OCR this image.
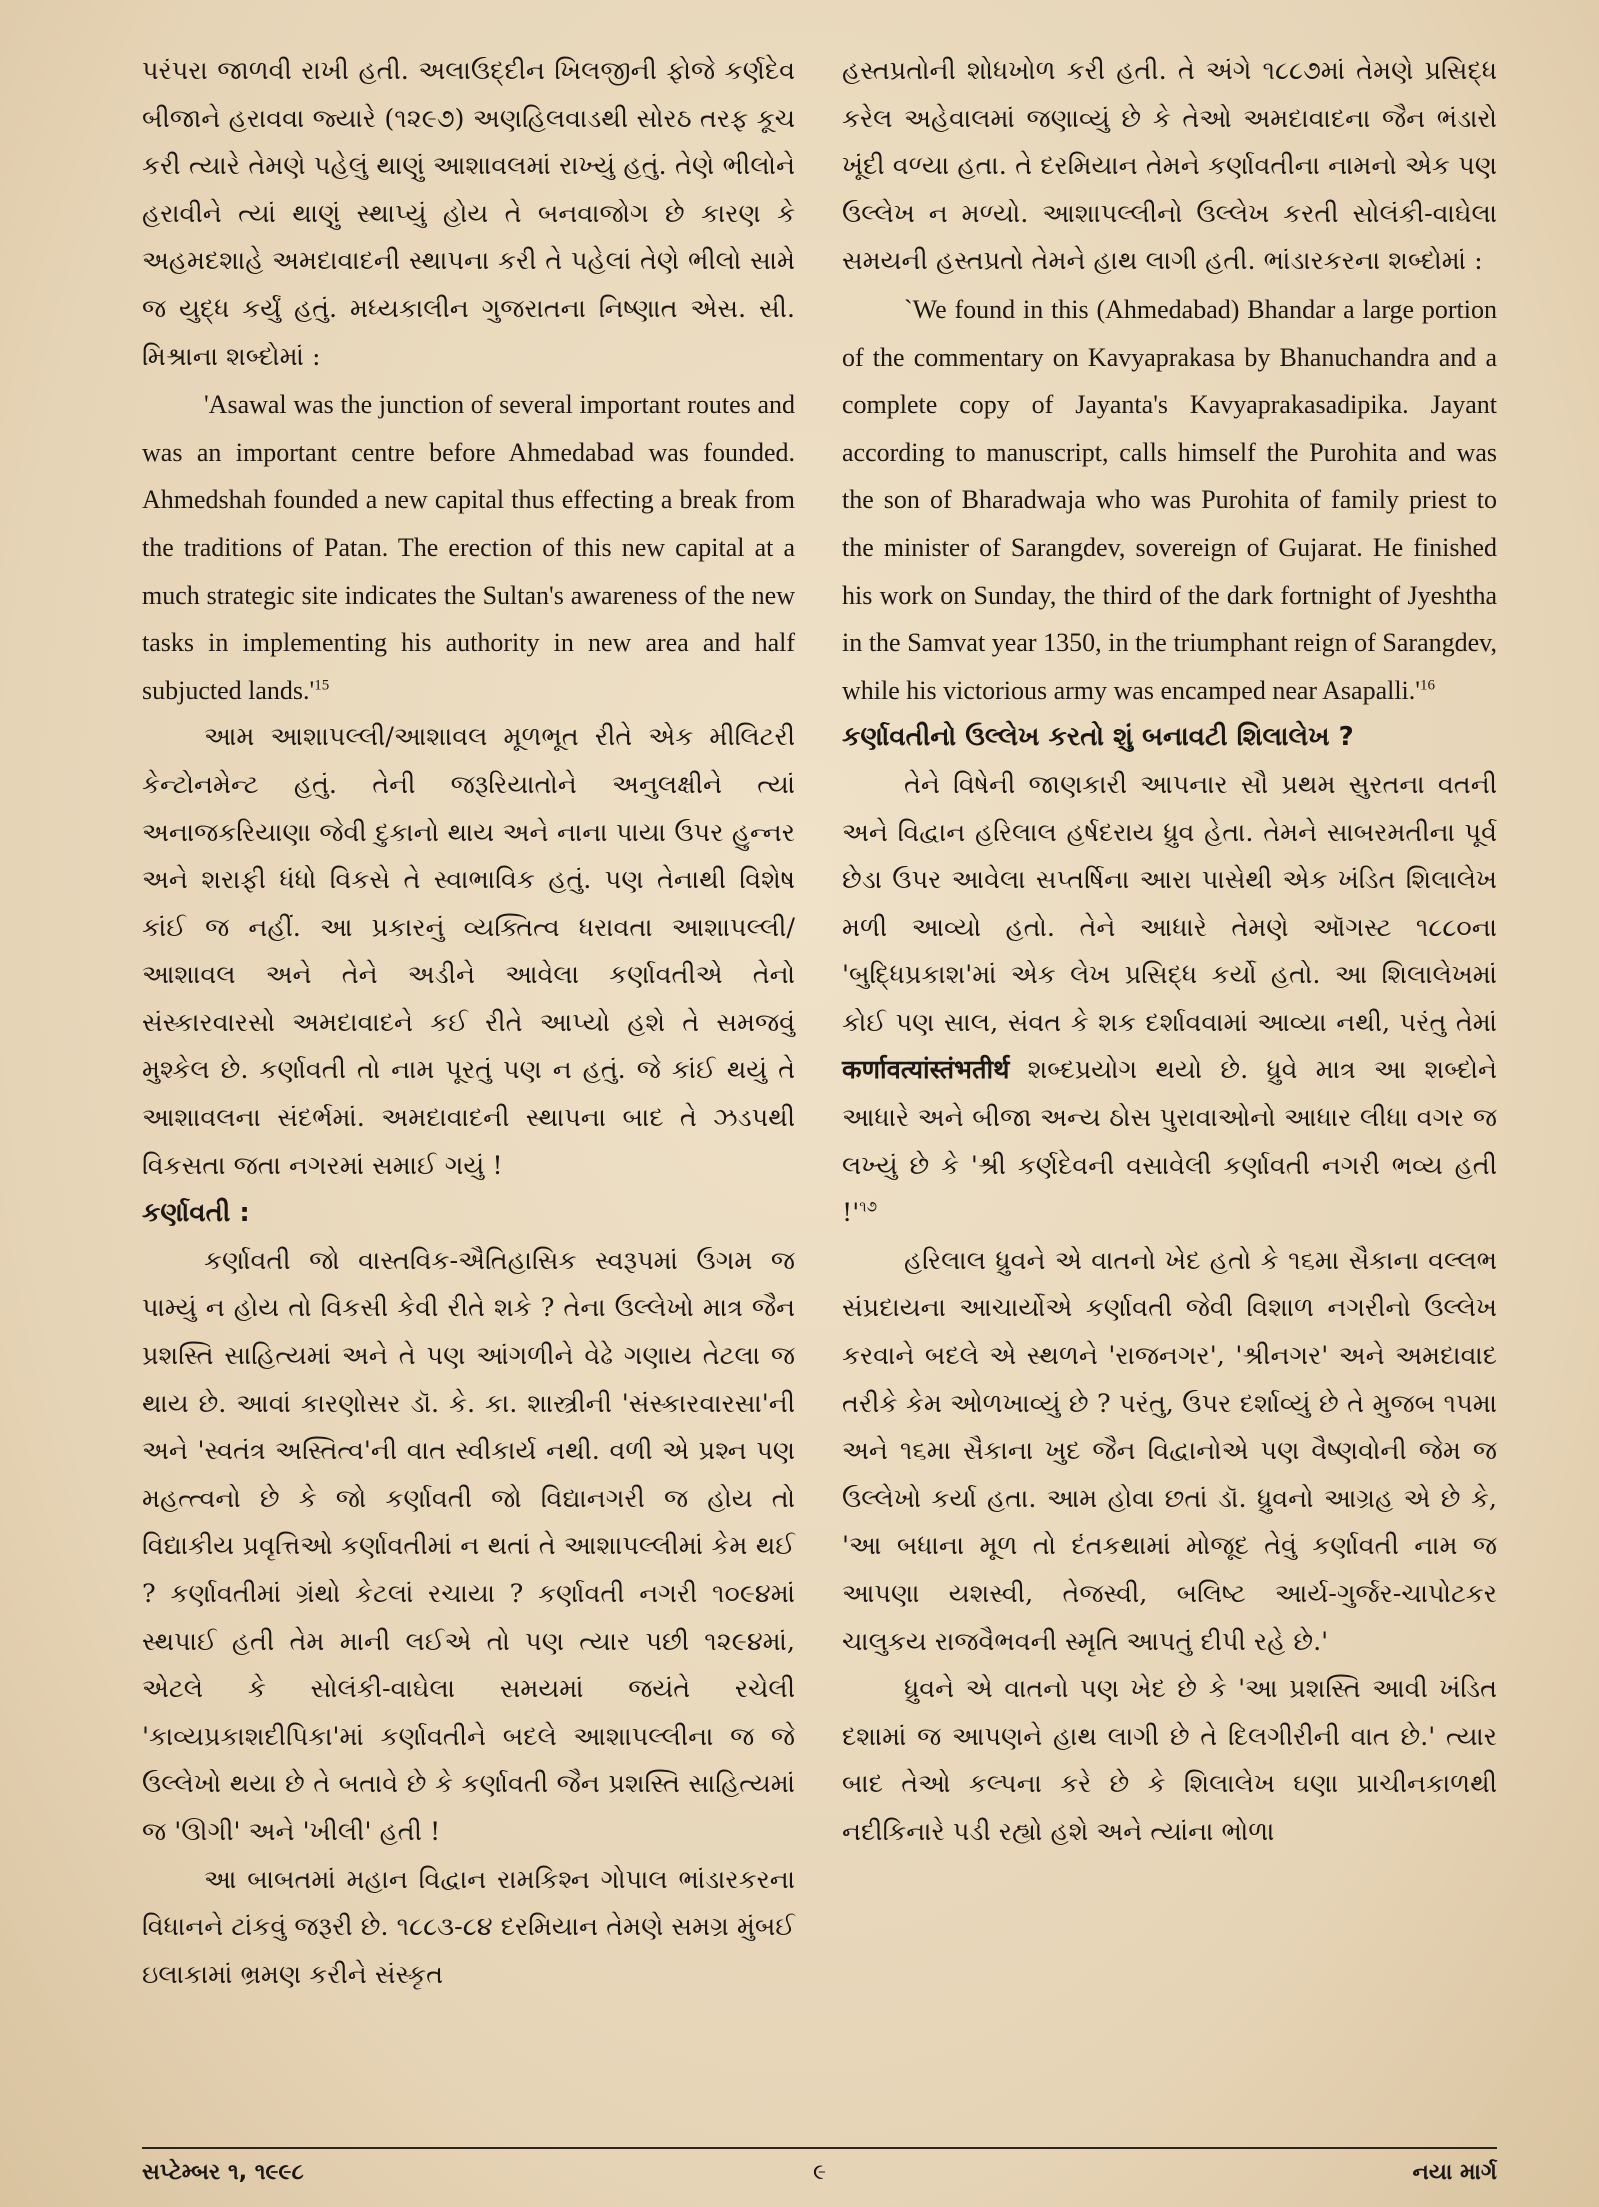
પરંપરા જાળવી રાખી હતી. અલાઉદ્દીન ખિલજીની ફોજે કર્ણદેવ બીજાને હરાવવા જ્યારે (૧૨૯૭) અણહિલવાડથી સોરઠ તરફ કૂચ કરી ત્યારે તેમણે પહેલું થાણું આશાવલમાં રાખ્યું હતું. તેણે ભીલોને હરાવીને ત્યાં થાણું સ્થાપ્યું હોય તે બનવાજોગ છે કારણ કે અહમદશાહે અમદાવાદની સ્થાપના કરી તે પહેલાં તેણે ભીલો સામે જ યુદ્ધ કર્યું હતું. મધ્યકાલીન ગુજરાતના નિષ્ણાત એસ. સી. મિશ્રાના શબ્દોમાં :

'Asawal was the junction of several important routes and was an important centre before Ahmedabad was founded. Ahmedshah founded a new capital thus effecting a break from the traditions of Patan. The erection of this new capital at a much strategic site indicates the Sultan's awareness of the new tasks in implementing his authority in new area and half subjucted $lands.'^{15}$

આમ આશાપલ્લી/આશાવલ મૂળભૂત રીતે એક મીલિટરી કેન્ટોનમેન્ટ હતું. તેની જરૂરિયાતોને અનુલક્ષીને ત્યાં અનાજકરિયાણા જેવી દુકાનો થાય અને નાના પાયા ઉપર હુન્નર અને શરાફી ધંધો વિકસે તે સ્વાભાવિક હતું. પણ તેનાથી વિશેષ કાંઈ જ નહીં. આ પ્રકારનું વ્યક્તિત્વ ધરાવતા આશાપલ્લી/આશાવલ અને તેને અડીને આવેલા કર્ણાવતીએ તેનો સંસ્કારવારસો અમદાવાદને કઈ રીતે આપ્યો હશે તે સમજવું મુશ્કેલ છે. કર્ણાવતી તો નામ પૂરતું પણ ન હતું. જે કાંઈ થયું તે આશાવલના સંદર્ભમાં. અમદાવાદની સ્થાપના બાદ તે ઝડપથી વિકસતા જતા નગરમાં સમાઈ ગયું !

કર્ણાવતી :

કર્ણાવતી જો વાસ્તવિક-ઐતિહાસિક સ્વરૂપમાં ઉગમ જ પામ્યું ન હોય તો વિકસી કેવી રીતે શકે ? તેના ઉલ્લેખો માત્ર જૈન પ્રશસ્તિ સાહિત્યમાં અને તે પણ આંગળીને વેઢે ગણાય તેટલા જ થાય છે. આવાં કારણોસર ડૉ. કે. કા. શાસ્ત્રીની 'સંસ્કારવારસા'ની અને 'સ્વતંત્ર અસ્તિત્વ'ની વાત સ્વીકાર્ય નથી. વળી એ પ્રશ્ન પણ મહત્ત્વનો છે કે જો કર્ણાવતી જો વિદ્યાનગરી જ હોય તો વિદ્યાકીય પ્રવૃત્તિઓ કર્ણાવતીમાં ન થતાં તે આશાપલ્લીમાં કેમ થઈ ? કર્ણાવતીમાં ગ્રંથો કેટલાં રચાયા ? કર્ણાવતી નગરી ૧૦૯૪માં સ્થપાઈ હતી તેમ માની લઈએ તો પણ ત્યાર પછી ૧૨૯૪માં, એટલે કે સોલંકી-વાઘેલા સમયમાં જયંતે રચેલી 'કાવ્યપ્રકાશદીપિકા'માં કર્ણાવતીને બદલે આશાપલ્લીના જ જે ઉલ્લેખો થયા છે તે બતાવે છે કે કર્ણાવતી જૈન પ્રશસ્તિ સાહિત્યમાં જ 'ઊગી' અને 'ખીલી' હતી !

આ બાબતમાં મહાન વિદ્વાન રામકિશ્ન ગોપાલ ભાંડારકરના વિધાનને ટાંકવું જરૂરી છે. ૧૮૮૩-૮૪ દરમિયાન તેમણે સમગ્ર મુંબઈ ઇલાકામાં ભ્રમણ કરીને સંસ્કૃત

હસ્તપ્રતોની શોધખોળ કરી હતી. તે અંગે ૧૮૮૭માં તેમણે પ્રસિદ્ધ કરેલ અહેવાલમાં જણાવ્યું છે કે તેઓ અમદાવાદના જૈન ભંડારો ખૂંદી વળ્યા હતા. તે દરમિયાન તેમને કર્ણાવતીના નામનો એક પણ ઉલ્લેખ ન મળ્યો. આશાપલ્લીનો ઉલ્લેખ કરતી સોલંકી-વાઘેલા સમયની હસ્તપ્રતો તેમને હાથ લાગી હતી. ભાંડારકરના શબ્દોમાં :

`We found in this (Ahmedabad) Bhandar a large portion of the commentary on Kavyaprakasa by Bhanuchandra and a complete copy of Jayanta's Kavyaprakasadipika. Jayant according to manuscript, calls himself the Purohita and was the son of Bharadwaja who was Purohita of family priest to the minister of Sarangdev, sovereign of Gujarat. He finished his work on Sunday, the third of the dark fortnight of Jyeshtha in the Samvat year 1350, in the triumphant reign of Sarangdev, while his victorious army was encamped near $Asapalli.'^{16}$

કર્ણાવતીનો ઉલ્લેખ કરતો શું બનાવટી શિલાલેખ ?

તેને વિષેની જાણકારી આપનાર સૌ પ્રથમ સુરતના વતની અને વિદ્વાન હરિલાલ હર્ષદરાય ધ્રુવ હેતા. તેમને સાબરમતીના પૂર્વ છેડા ઉપર આવેલા સપ્તર્ષિના આરા પાસેથી એક ખંડિત શિલાલેખ મળી આવ્યો હતો. તેને આધારે તેમણે ઑગસ્ટ ૧૮૮૦ના 'બુદ્ધિપ્રકાશ'માં એક લેખ પ્રસિદ્ધ કર્યો હતો. આ શિલાલેખમાં કોઈ પણ સાલ, સંવત કે શક દર્શાવવામાં આવ્યા નથી, પરંતુ તેમાં कर्णावत्यांस्तंभतीर्थ શબ્દપ્રયોગ થયો છે. ધ્રુવે માત્ર આ શબ્દોને આધારે અને બીજા અન્ય ઠોસ પુરાવાઓનો આધાર લીધા વગર જ લખ્યું છે કે 'શ્રી કર્ણદેવની વસાવેલી કર્ણાવતી નગરી ભવ્ય હતી $!'^{૧૭}$

હરિલાલ ધ્રુવને એ વાતનો ખેદ હતો કે ૧૬મા સૈકાના વલ્લભ સંપ્રદાયના આચાર્યોએ કર્ણાવતી જેવી વિશાળ નગરીનો ઉલ્લેખ કરવાને બદલે એ સ્થળને 'રાજનગર', 'શ્રીનગર' અને અમદાવાદ તરીકે કેમ ઓળખાવ્યું છે ? પરંતુ, ઉપર દર્શાવ્યું છે તે મુજબ ૧૫મા અને ૧૬મા સૈકાના ખુદ જૈન વિદ્વાનોએ પણ વૈષ્ણવોની જેમ જ ઉલ્લેખો કર્યા હતા. આમ હોવા છતાં ડૉ. ધ્રુવનો આગ્રહ એ છે કે, 'આ બધાના મૂળ તો દંતકથામાં મોજૂદ તેવું કર્ણાવતી નામ જ આપણા યશસ્વી, તેજસ્વી, બલિષ્ટ આર્ય-ગુર્જર-ચાપોટકર ચાલુકય રાજવૈભવની સ્મૃતિ આપતું દીપી રહે છે.'

ધ્રુવને એ વાતનો પણ ખેદ છે કે 'આ પ્રશસ્તિ આવી ખંડિત દશામાં જ આપણને હાથ લાગી છે તે દિલગીરીની વાત છે.' ત્યાર બાદ તેઓ કલ્પના કરે છે કે શિલાલેખ ઘણા પ્રાચીનકાળથી નદીકિનારે પડી રહ્યો હશે અને ત્યાંના ભોળા

સપ્ટેમ્બર ૧, ૧૯૯૮	૯	નયા માર્ગ
